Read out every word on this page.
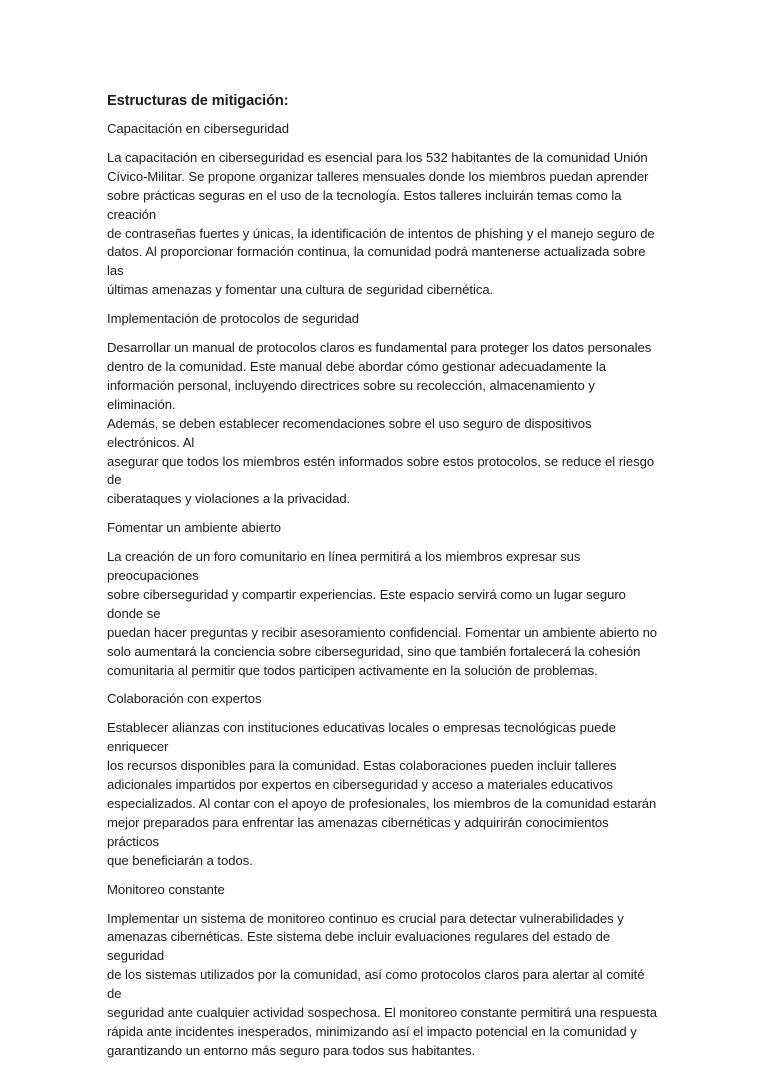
Estructuras de mitigación:
Capacitación en ciberseguridad
La capacitación en ciberseguridad es esencial para los 532 habitantes de la comunidad Unión
Cívico-Militar. Se propone organizar talleres mensuales donde los miembros puedan aprender
sobre prácticas seguras en el uso de la tecnología. Estos talleres incluirán temas como la creación
de contraseñas fuertes y únicas, la identificación de intentos de phishing y el manejo seguro de
datos. Al proporcionar formación continua, la comunidad podrá mantenerse actualizada sobre las
últimas amenazas y fomentar una cultura de seguridad cibernética.
Implementación de protocolos de seguridad
Desarrollar un manual de protocolos claros es fundamental para proteger los datos personales
dentro de la comunidad. Este manual debe abordar cómo gestionar adecuadamente la
información personal, incluyendo directrices sobre su recolección, almacenamiento y eliminación.
Además, se deben establecer recomendaciones sobre el uso seguro de dispositivos electrónicos. Al
asegurar que todos los miembros estén informados sobre estos protocolos, se reduce el riesgo de
ciberataques y violaciones a la privacidad.
Fomentar un ambiente abierto
La creación de un foro comunitario en línea permitirá a los miembros expresar sus preocupaciones
sobre ciberseguridad y compartir experiencias. Este espacio servirá como un lugar seguro donde se
puedan hacer preguntas y recibir asesoramiento confidencial. Fomentar un ambiente abierto no
solo aumentará la conciencia sobre ciberseguridad, sino que también fortalecerá la cohesión
comunitaria al permitir que todos participen activamente en la solución de problemas.
Colaboración con expertos
Establecer alianzas con instituciones educativas locales o empresas tecnológicas puede enriquecer
los recursos disponibles para la comunidad. Estas colaboraciones pueden incluir talleres
adicionales impartidos por expertos en ciberseguridad y acceso a materiales educativos
especializados. Al contar con el apoyo de profesionales, los miembros de la comunidad estarán
mejor preparados para enfrentar las amenazas cibernéticas y adquirirán conocimientos prácticos
que beneficiarán a todos.
Monitoreo constante
Implementar un sistema de monitoreo continuo es crucial para detectar vulnerabilidades y
amenazas cibernéticas. Este sistema debe incluir evaluaciones regulares del estado de seguridad
de los sistemas utilizados por la comunidad, así como protocolos claros para alertar al comité de
seguridad ante cualquier actividad sospechosa. El monitoreo constante permitirá una respuesta
rápida ante incidentes inesperados, minimizando así el impacto potencial en la comunidad y
garantizando un entorno más seguro para todos sus habitantes.
